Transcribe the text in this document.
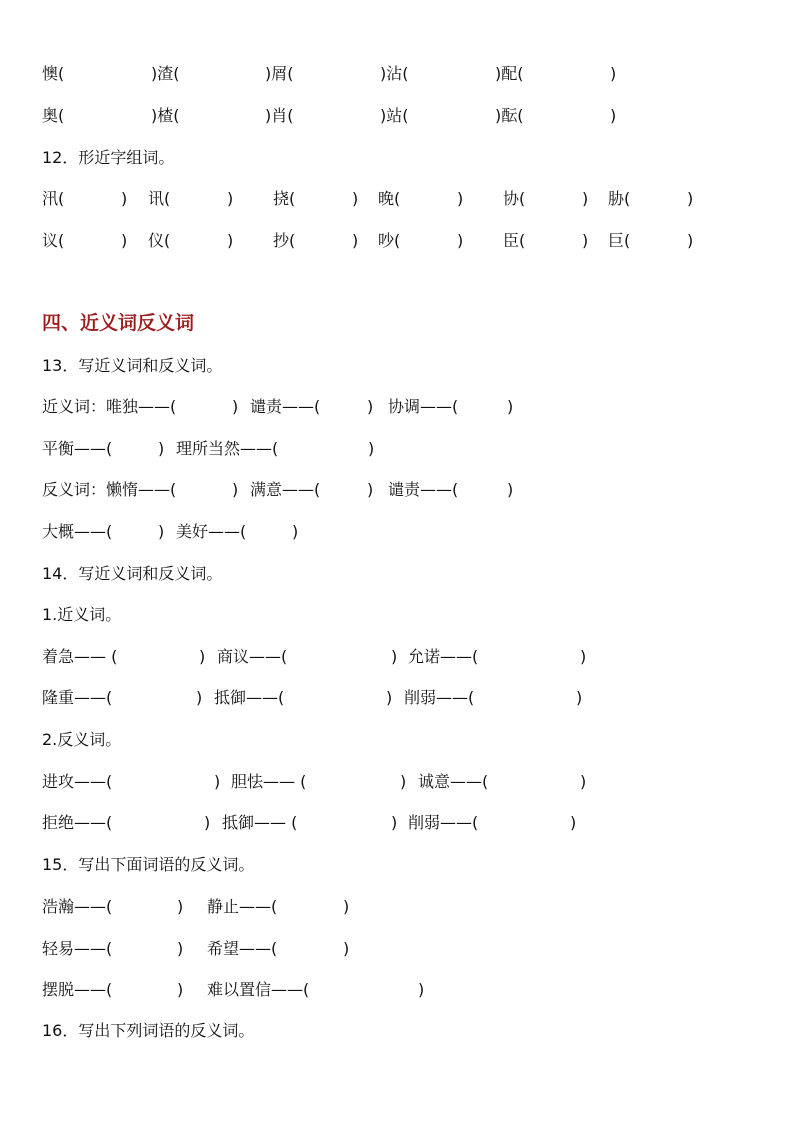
懊(	)渣(	)屑(	)沾(	)配(	)
奥(	)楂(	)肖(	)站(	)酝(	)
12．形近字组词。
汛(	) 讯(	) 挠(	) 晚(	) 协(	) 胁(	)
议(	) 仪(	) 抄(	) 吵(	) 臣(	) 巨(	)
四、近义词反义词
13．写近义词和反义词。
近义词：唯独——(	) 谴责——(	) 协调——(	)
平衡——(	) 理所当然——(	)
反义词：懒惰——(	) 满意——(	) 谴责——(	)
大概——(	) 美好——(	)
14．写近义词和反义词。
1.近义词。
着急—— (	) 商议——(	) 允诺——(	)
隆重——(	) 抵御——(	) 削弱——(	)
2.反义词。
进攻——(	) 胆怯—— (	) 诚意——(	)
拒绝——(	) 抵御—— (	) 削弱——(	)
15．写出下面词语的反义词。
浩瀚——(	) 静止——(	)
轻易——(	) 希望——(	)
摆脱——(	) 难以置信——(	)
16．写出下列词语的反义词。
